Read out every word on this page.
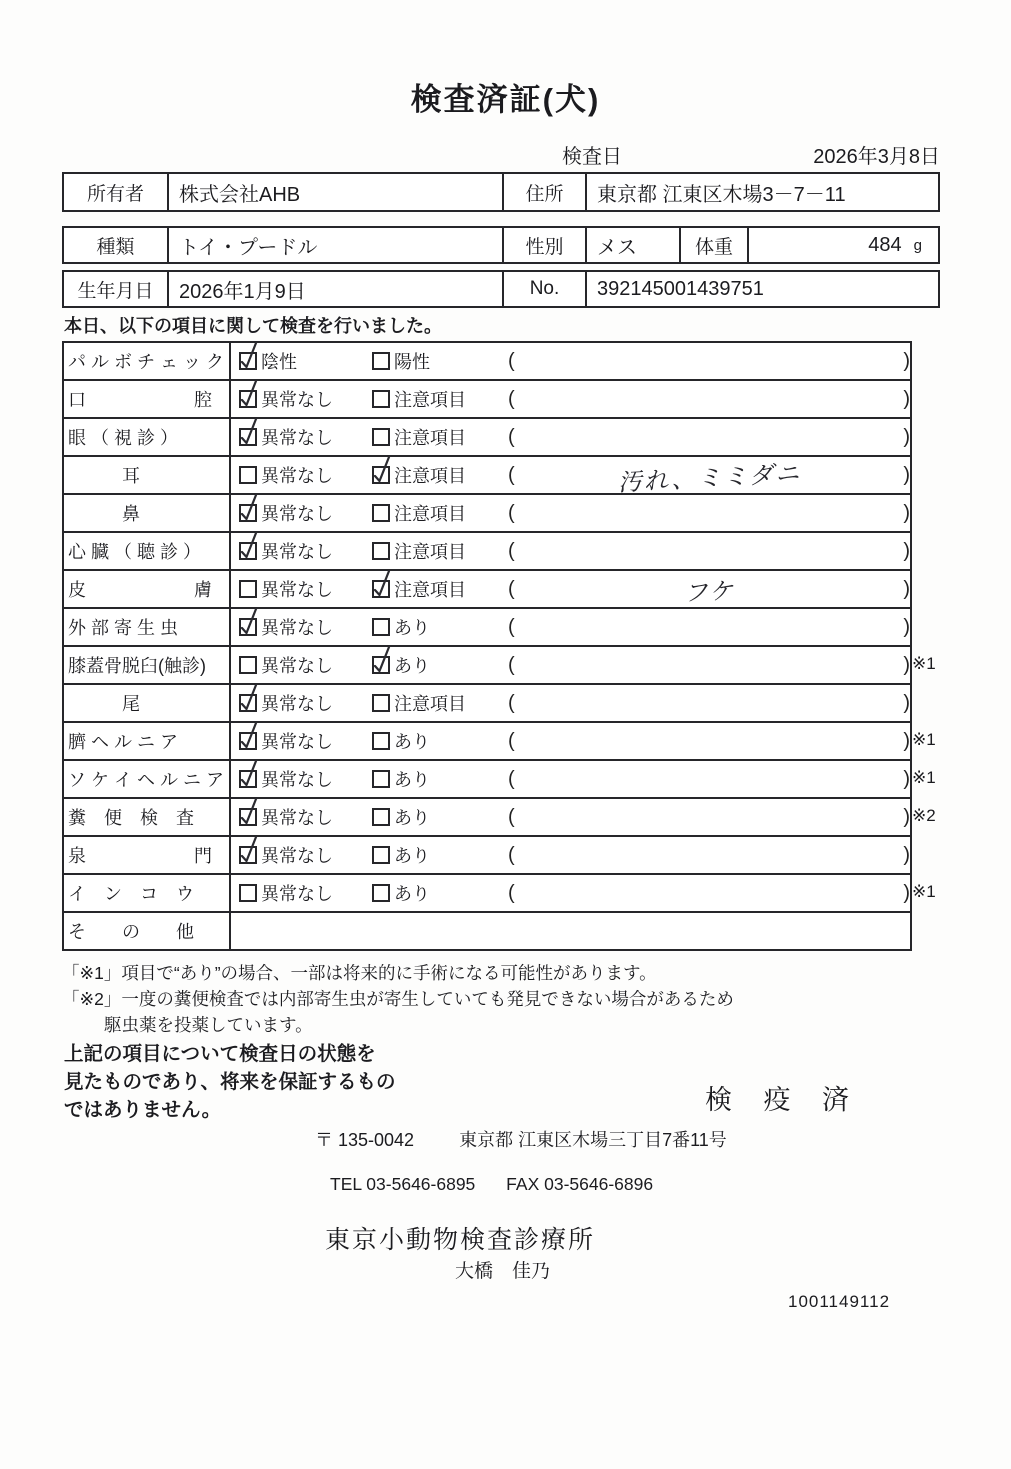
検査済証(犬)
検査日	2026年3月8日
所有者	株式会社AHB	住所	東京都 江東区木場3－7－11
種類	トイ・プードル	性別	メス	体重	484 g
生年月日	2026年1月9日	No.	392145001439751
本日、以下の項目に関して検査を行いました。
パ ル ボ チ ェ ッ ク	陰性	陽性	(	)
口　　　　　　腔	異常なし	注意項目 (	)
眼 （ 視 診 ）	異常なし	注意項目 (	)
　　　耳	異常なし	注意項目 (	汚れ、ミミダニ	)
　　　鼻	異常なし	注意項目 (	)
心 臓 （ 聴 診 ）	異常なし	注意項目 (	)
皮　　　　　　膚	異常なし	注意項目 (	フケ	)
外 部 寄 生 虫	異常なし	あり	(	)
膝蓋骨脱臼(触診)	異常なし	あり	(	) ※1
　　　尾	異常なし	注意項目 (	)
臍 ヘ ル ニ ア	異常なし	あり	(	) ※1
ソ ケ イ ヘ ル ニ ア	異常なし	あり	(	) ※1
糞　便　検　査	異常なし	あり	(	) ※2
泉　　　　　　門	異常なし	あり	(	)
イ　ン　コ　ウ	異常なし	あり	(	) ※1
そ　　の　　他
「※1」項目で“あり”の場合、一部は将来的に手術になる可能性があります。
「※2」一度の糞便検査では内部寄生虫が寄生していても発見できない場合があるため
駆虫薬を投薬しています。
上記の項目について検査日の状態を
見たものであり、将来を保証するもの
ではありません。	検 疫 済
〒 135-0042	東京都 江東区木場三丁目7番11号
TEL 03-5646-6895 FAX 03-5646-6896
東京小動物検査診療所
大橋　佳乃
1001149112
